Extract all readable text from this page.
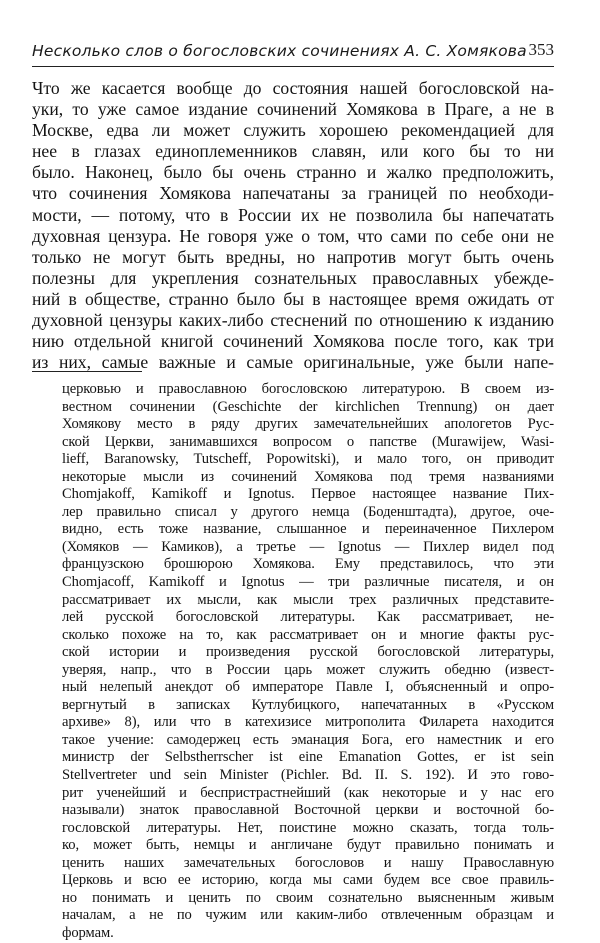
Несколько слов о богословских сочинениях А. С. Хомякова 353
Что же касается вообще до состояния нашей богословской на-
уки, то уже самое издание сочинений Хомякова в Праге, а не в
Москве, едва ли может служить хорошею рекомендацией для
нее в глазах единоплеменников славян, или кого бы то ни
было. Наконец, было бы очень странно и жалко предположить,
что сочинения Хомякова напечатаны за границей по необходи-
мости, — потому, что в России их не позволила бы напечатать
духовная цензура. Не говоря уже о том, что сами по себе они не
только не могут быть вредны, но напротив могут быть очень
полезны для укрепления сознательных православных убежде-
ний в обществе, странно было бы в настоящее время ожидать от
духовной цензуры каких-либо стеснений по отношению к изданию
нию отдельной книгой сочинений Хомякова после того, как три
из них, самые важные и самые оригинальные, уже были напе-
церковью и православною богословскою литературою. В своем из-
вестном сочинении (Geschichte der kirchlichen Trennung) он дает
Хомякову место в ряду других замечательнейших апологетов Рус-
ской Церкви, занимавшихся вопросом о папстве (Murawijew, Wasi-
lieff, Baranowsky, Tutscheff, Popowitski), и мало того, он приводит
некоторые мысли из сочинений Хомякова под тремя названиями
Chomjakoff, Kamikoff и Ignotus. Первое настоящее название Пих-
лер правильно списал у другого немца (Боденштадта), другое, оче-
видно, есть тоже название, слышанное и переиначенное Пихлером
(Хомяков — Камиков), а третье — Ignotus — Пихлер видел под
французскою брошюрою Хомякова. Ему представилось, что эти
Chomjacoff, Kamikoff и Ignotus — три различные писателя, и он
рассматривает их мысли, как мысли трех различных представите-
лей русской богословской литературы. Как рассматривает, не-
сколько похоже на то, как рассматривает он и многие факты рус-
ской истории и произведения русской богословской литературы,
уверяя, напр., что в России царь может служить обедню (извест-
ный нелепый анекдот об императоре Павле I, объясненный и опро-
вергнутый в записках Кутлубицкого, напечатанных в «Русском
архиве» 8), или что в катехизисе митрополита Филарета находится
такое учение: самодержец есть эманация Бога, его наместник и его
министр der Selbstherrscher ist eine Emanation Gottes, er ist sein
Stellvertreter und sein Minister (Pichler. Bd. II. S. 192). И это гово-
рит ученейший и беспристрастнейший (как некоторые и у нас его
называли) знаток православной Восточной церкви и восточной бо-
гословской литературы. Нет, поистине можно сказать, тогда толь-
ко, может быть, немцы и англичане будут правильно понимать и
ценить наших замечательных богословов и нашу Православную
Церковь и всю ее историю, когда мы сами будем все свое правиль-
но понимать и ценить по своим сознательно выясненным живым
началам, а не по чужим или каким-либо отвлеченным образцам и
формам.
